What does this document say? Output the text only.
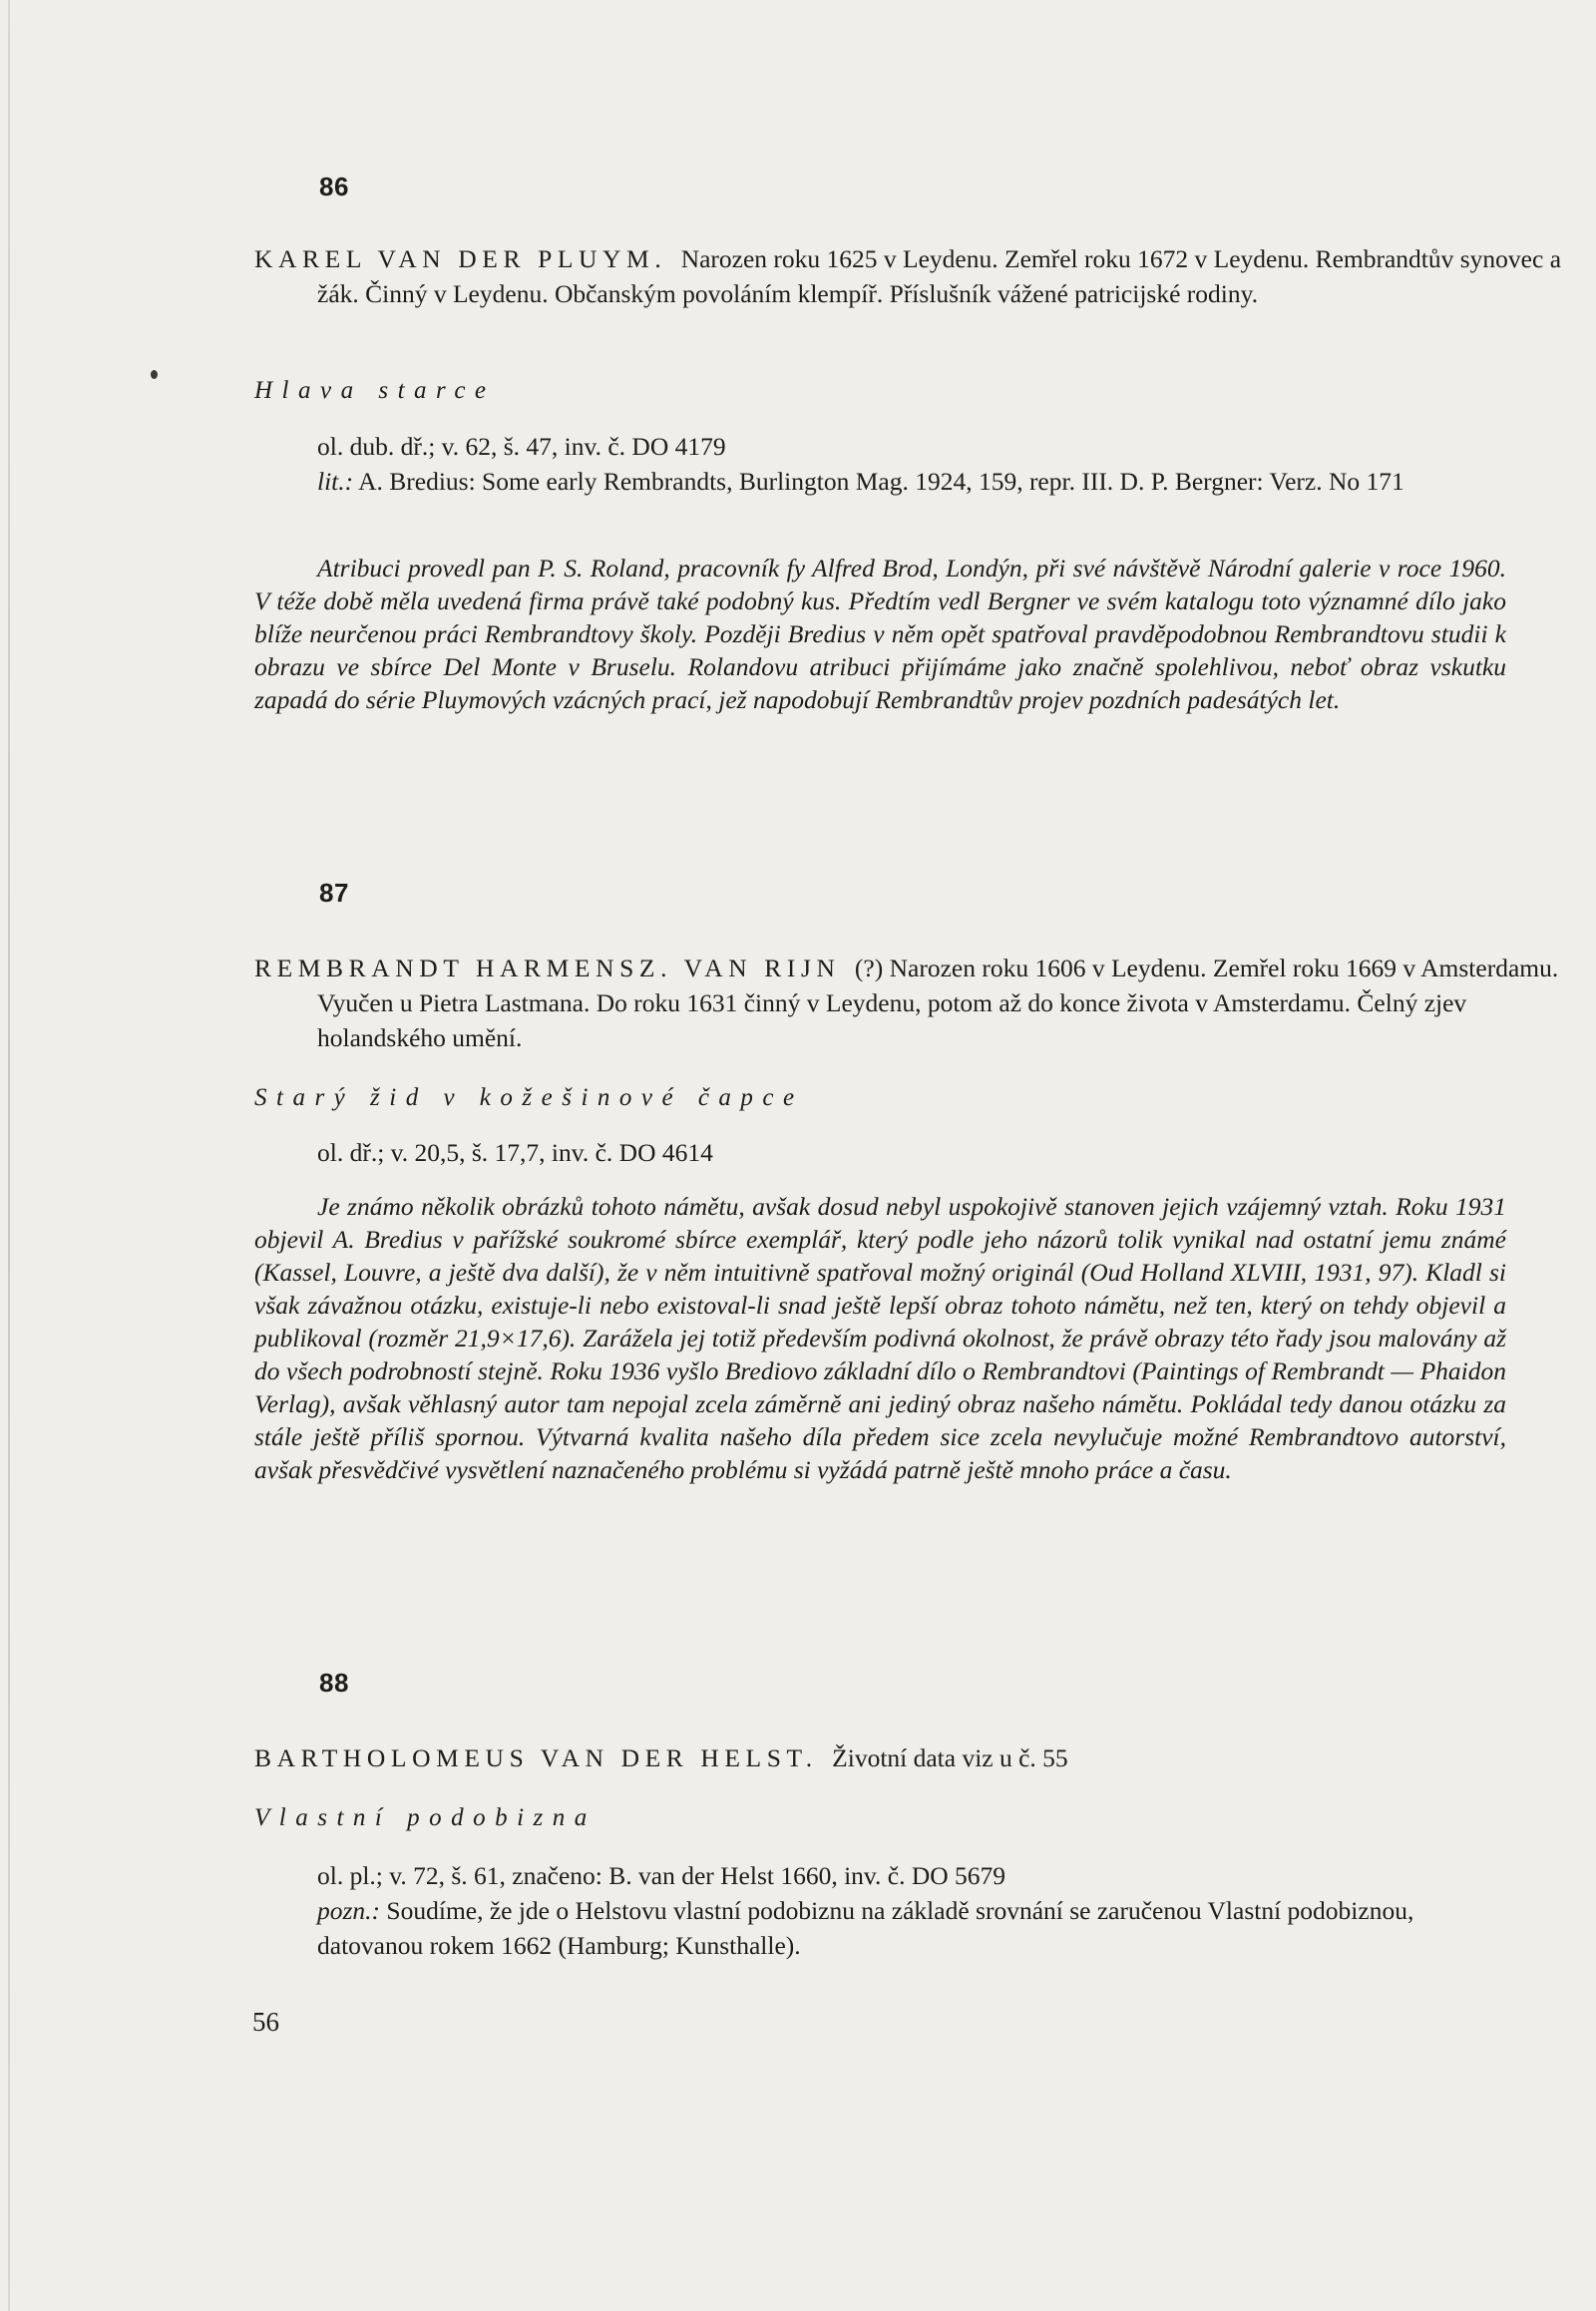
86
KAREL VAN DER PLUYM. Narozen roku 1625 v Leydenu. Zemřel roku 1672 v Leydenu. Rembrandtův synovec a žák. Činný v Leydenu. Občanským povoláním klempíř. Příslušník vážené patricijské rodiny.
Hlava starce

ol. dub. dř.; v. 62, š. 47, inv. č. DO 4179

lit.: A. Bredius: Some early Rembrandts, Burlington Mag. 1924, 159, repr. III. D. P. Bergner: Verz. No 171

Atribuci provedl pan P. S. Roland, pracovník fy Alfred Brod, Londýn, při své návštěvě Národní galerie v roce 1960. V téže době měla uvedená firma právě také podobný kus. Předtím vedl Bergner ve svém katalogu toto významné dílo jako blíže neurčenou práci Rembrandtovy školy. Později Bredius v něm opět spatřoval pravděpodobnou Rembrandtovu studii k obrazu ve sbírce Del Monte v Bruselu. Rolandovu atribuci přijímáme jako značně spolehlivou, neboť obraz vskutku zapadá do série Pluymových vzácných prací, jež napodobují Rembrandtův projev pozdních padesátých let.
87
REMBRANDT HARMENSZ. VAN RIJN (?) Narozen roku 1606 v Leydenu. Zemřel roku 1669 v Amsterdamu. Vyučen u Pietra Lastmana. Do roku 1631 činný v Leydenu, potom až do konce života v Amsterdamu. Čelný zjev holandského umění.
Starý žid v kožešinové čapce

ol. dř.; v. 20,5, š. 17,7, inv. č. DO 4614

Je známo několik obrázků tohoto námětu, avšak dosud nebyl uspokojivě stanoven jejich vzájemný vztah. Roku 1931 objevil A. Bredius v pařížské soukromé sbírce exemplář, který podle jeho názorů tolik vynikal nad ostatní jemu známé (Kassel, Louvre, a ještě dva další), že v něm intuitivně spatřoval možný originál (Oud Holland XLVIII, 1931, 97). Kladl si však závažnou otázku, existuje-li nebo existoval-li snad ještě lepší obraz tohoto námětu, než ten, který on tehdy objevil a publikoval (rozměr 21,9×17,6). Zarážela jej totiž především podivná okolnost, že právě obrazy této řady jsou malovány až do všech podrobností stejně. Roku 1936 vyšlo Brediovo základní dílo o Rembrandtovi (Paintings of Rembrandt — Phaidon Verlag), avšak věhlasný autor tam nepojal zcela záměrně ani jediný obraz našeho námětu. Pokládal tedy danou otázku za stále ještě příliš spornou. Výtvarná kvalita našeho díla předem sice zcela nevylučuje možné Rembrandtovo autorství, avšak přesvědčivé vysvětlení naznačeného problému si vyžádá patrně ještě mnoho práce a času.
88
BARTHOLOMEUS VAN DER HELST. Životní data viz u č. 55
Vlastní podobizna

ol. pl.; v. 72, š. 61, značeno: B. van der Helst 1660, inv. č. DO 5679

pozn.: Soudíme, že jde o Helstovu vlastní podobiznu na základě srovnání se zaručenou Vlastní podobiznou, datovanou rokem 1662 (Hamburg; Kunsthalle).

56
